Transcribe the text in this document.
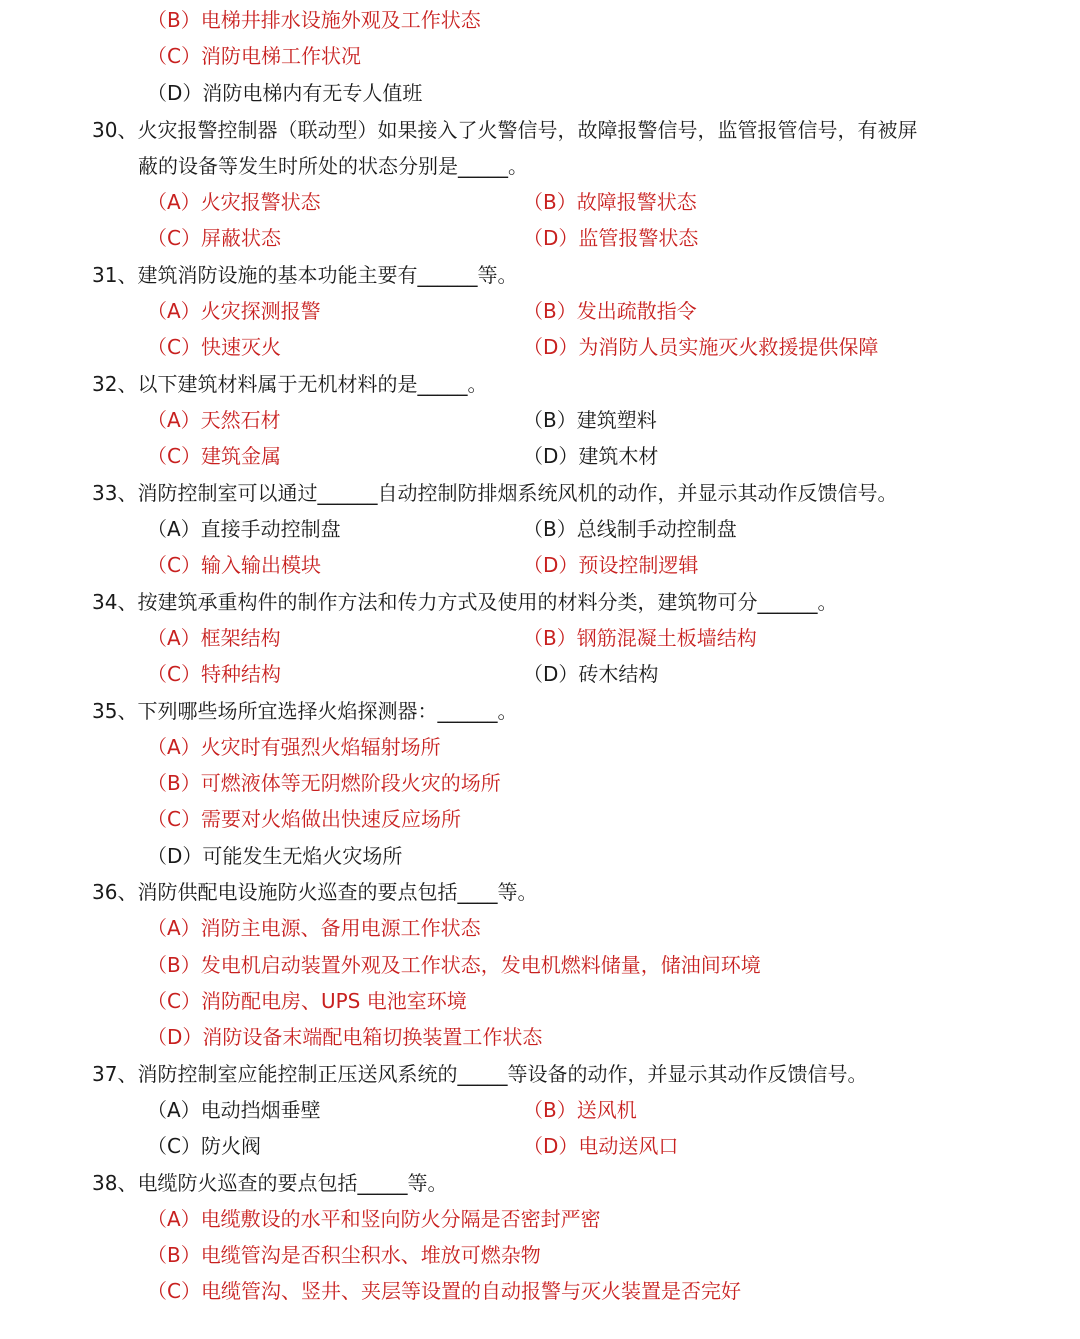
（B）电梯井排水设施外观及工作状态
（C）消防电梯工作状况
（D）消防电梯内有无专人值班
30、火灾报警控制器（联动型）如果接入了火警信号，故障报警信号，监管报管信号，有被屏
蔽的设备等发生时所处的状态分别是_____。
（A）火灾报警状态	（B）故障报警状态
（C）屏蔽状态	（D）监管报警状态
31、建筑消防设施的基本功能主要有______等。
（A）火灾探测报警	（B）发出疏散指令
（C）快速灭火	（D）为消防人员实施灭火救援提供保障
32、以下建筑材料属于无机材料的是_____。
（A）天然石材	（B）建筑塑料
（C）建筑金属	（D）建筑木材
33、消防控制室可以通过______自动控制防排烟系统风机的动作，并显示其动作反馈信号。
（A）直接手动控制盘	（B）总线制手动控制盘
（C）输入输出模块	（D）预设控制逻辑
34、按建筑承重构件的制作方法和传力方式及使用的材料分类，建筑物可分______。
（A）框架结构	（B）钢筋混凝土板墙结构
（C）特种结构	（D）砖木结构
35、下列哪些场所宜选择火焰探测器：______。
（A）火灾时有强烈火焰辐射场所
（B）可燃液体等无阴燃阶段火灾的场所
（C）需要对火焰做出快速反应场所
（D）可能发生无焰火灾场所
36、消防供配电设施防火巡查的要点包括____等。
（A）消防主电源、备用电源工作状态
（B）发电机启动装置外观及工作状态，发电机燃料储量，储油间环境
（C）消防配电房、UPS 电池室环境
（D）消防设备末端配电箱切换装置工作状态
37、消防控制室应能控制正压送风系统的_____等设备的动作，并显示其动作反馈信号。
（A）电动挡烟垂壁	（B）送风机
（C）防火阀	（D）电动送风口
38、电缆防火巡查的要点包括_____等。
（A）电缆敷设的水平和竖向防火分隔是否密封严密
（B）电缆管沟是否积尘积水、堆放可燃杂物
（C）电缆管沟、竖井、夹层等设置的自动报警与灭火装置是否完好
